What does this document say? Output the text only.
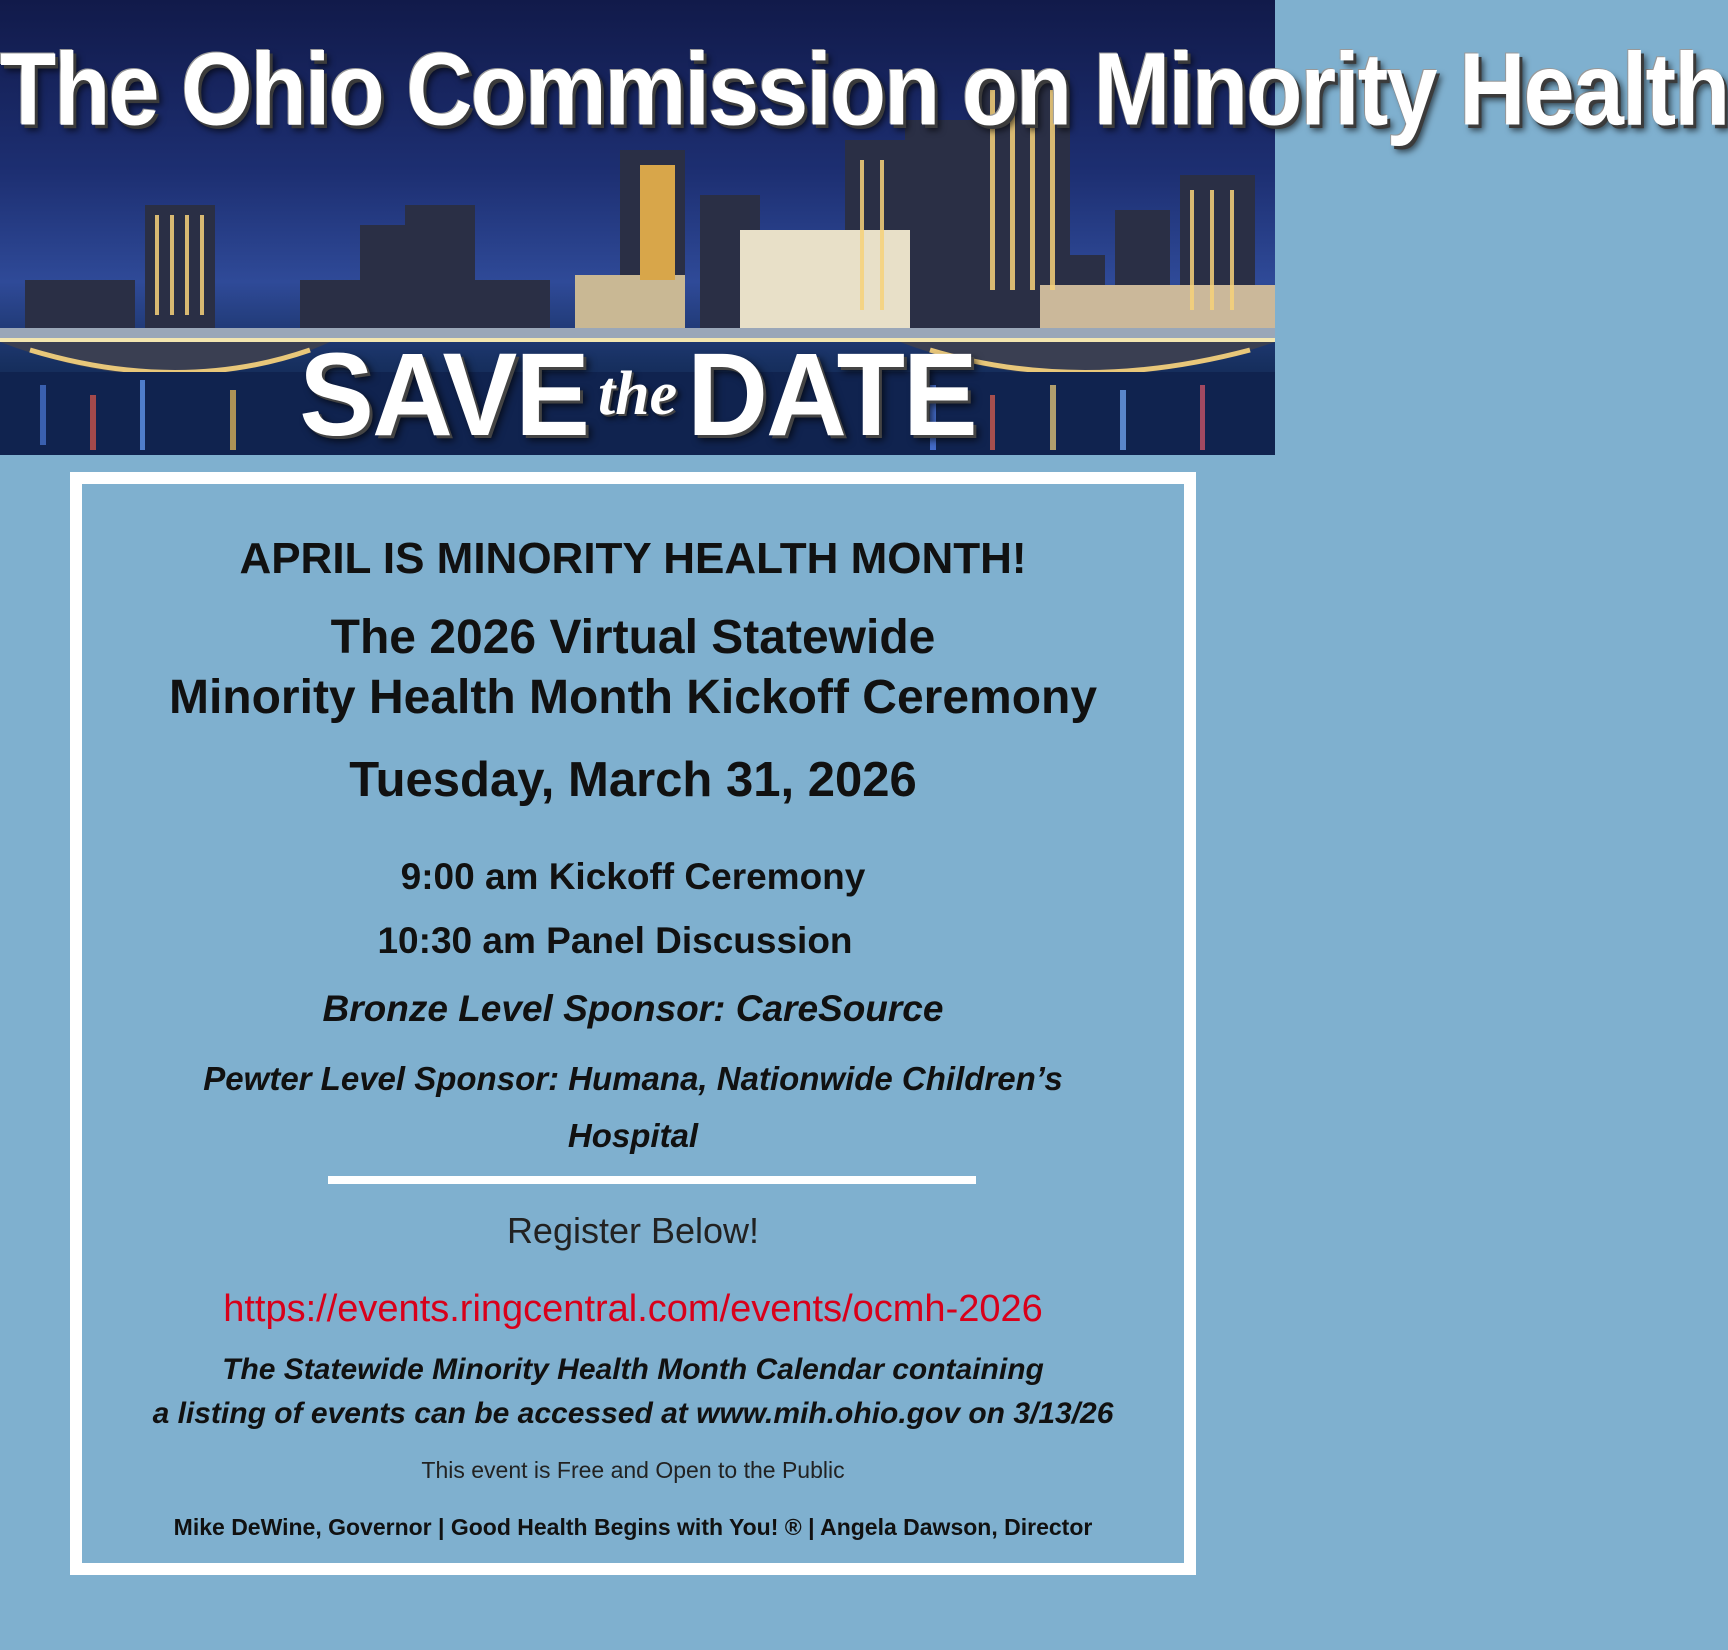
The Ohio Commission on Minority Health
SAVE theDATE
APRIL IS MINORITY HEALTH MONTH!
The 2026 Virtual Statewide
Minority Health Month Kickoff Ceremony
Tuesday, March 31, 2026
9:00 am Kickoff Ceremony
10:30 am Panel Discussion
Bronze Level Sponsor: CareSource
Pewter Level Sponsor: Humana, Nationwide Children’s Hospital
Register Below!
https://events.ringcentral.com/events/ocmh-2026
The Statewide Minority Health Month Calendar containing
a listing of events can be accessed at www.mih.ohio.gov on 3/13/26
This event is Free and Open to the Public
Mike DeWine, Governor | Good Health Begins with You! ® | Angela Dawson, Director
